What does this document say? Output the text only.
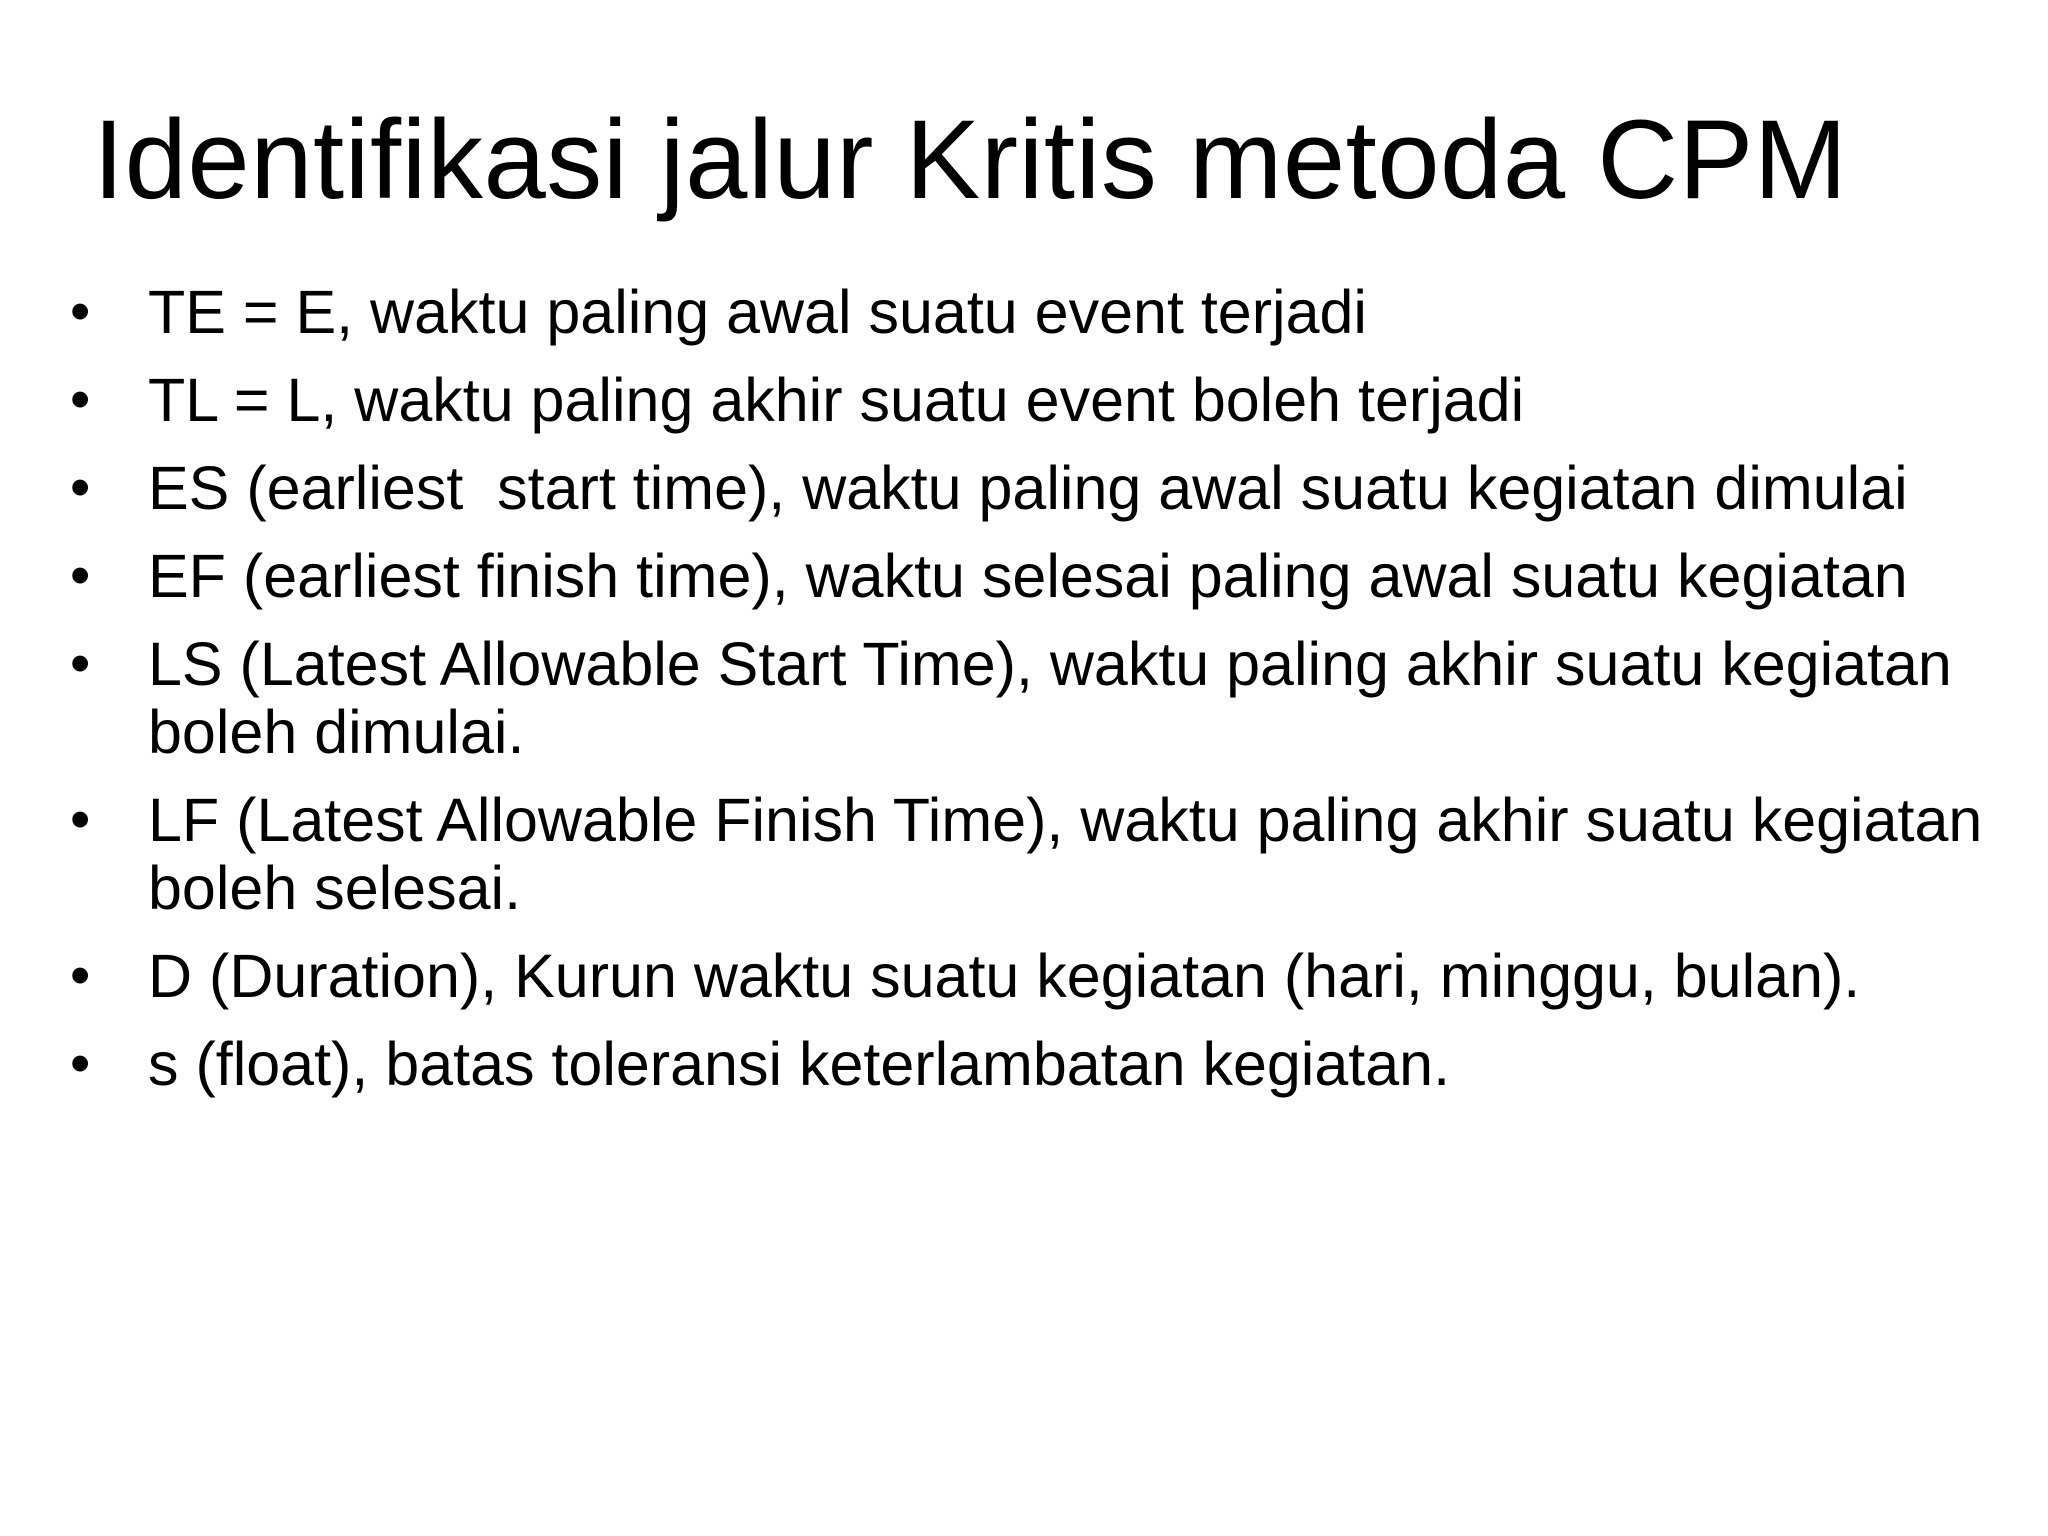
Identifikasi jalur Kritis metoda CPM
• TE = E, waktu paling awal suatu event terjadi
• TL = L, waktu paling akhir suatu event boleh terjadi
• ES (earliest  start time), waktu paling awal suatu kegiatan dimulai
• EF (earliest finish time), waktu selesai paling awal suatu kegiatan
• LS (Latest Allowable Start Time), waktu paling akhir suatu kegiatan boleh dimulai.
• LF (Latest Allowable Finish Time), waktu paling akhir suatu kegiatan boleh selesai.
• D (Duration), Kurun waktu suatu kegiatan (hari, minggu, bulan).
• s (float), batas toleransi keterlambatan kegiatan.
